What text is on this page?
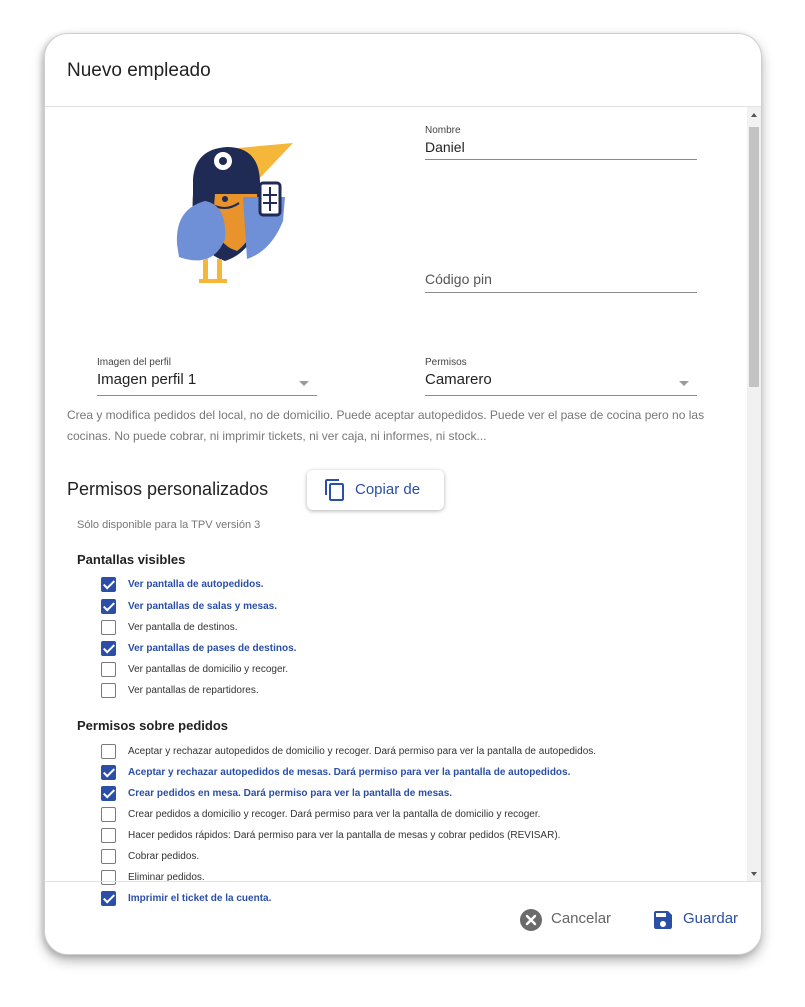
Nuevo empleado
Nombre
Daniel
Código pin
Imagen del perfil
Imagen perfil 1
Permisos
Camarero
Crea y modifica pedidos del local, no de domicilio. Puede aceptar autopedidos. Puede ver el pase de cocina pero no las cocinas. No puede cobrar, ni imprimir tickets, ni ver caja, ni informes, ni stock...
Permisos personalizados	Copiar de
Sólo disponible para la TPV versión 3
Pantallas visibles
Ver pantalla de autopedidos.
Ver pantallas de salas y mesas.
Ver pantalla de destinos.
Ver pantallas de pases de destinos.
Ver pantallas de domicilio y recoger.
Ver pantallas de repartidores.
Permisos sobre pedidos
Aceptar y rechazar autopedidos de domicilio y recoger. Dará permiso para ver la pantalla de autopedidos.
Aceptar y rechazar autopedidos de mesas. Dará permiso para ver la pantalla de autopedidos.
Crear pedidos en mesa. Dará permiso para ver la pantalla de mesas.
Crear pedidos a domicilio y recoger. Dará permiso para ver la pantalla de domicilio y recoger.
Hacer pedidos rápidos: Dará permiso para ver la pantalla de mesas y cobrar pedidos (REVISAR).
Cobrar pedidos.
Eliminar pedidos.
Imprimir el ticket de la cuenta.
Cancelar	Guardar
